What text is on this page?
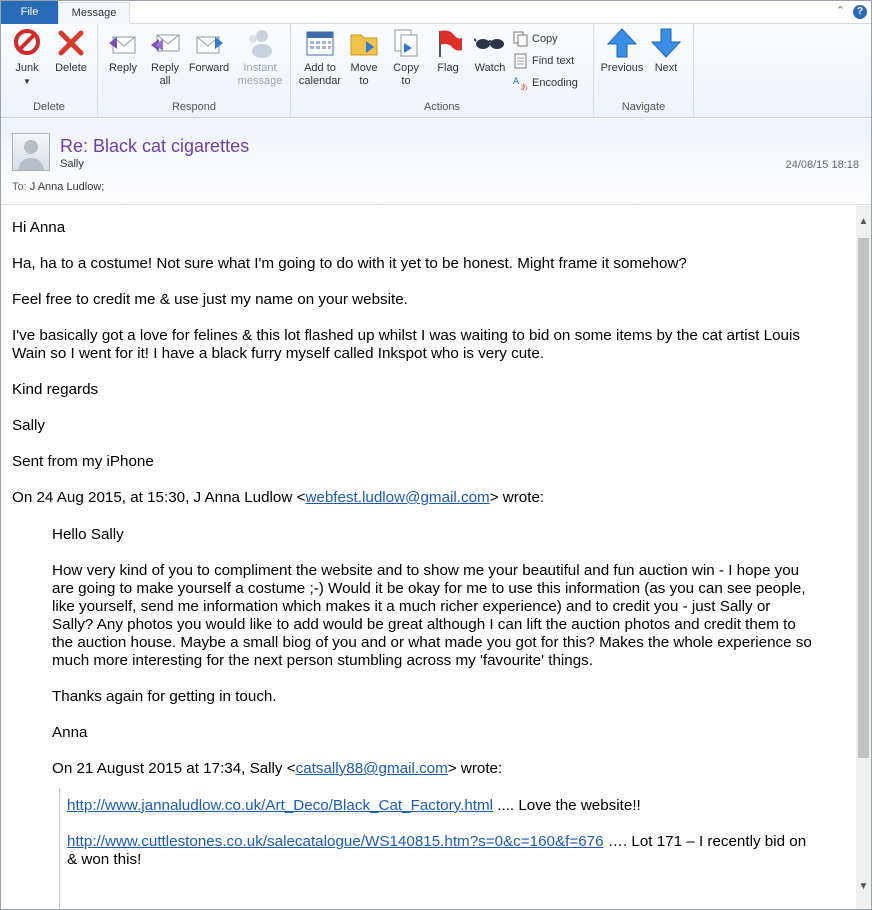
File	Message	⌃	?
Junk
▼
Delete
Delete
Reply	Reply
all
Forward	Instant
message
Respond
Add to
calendar
Move
to
Copy
to
Flag	Watch
Copy
Find text
A
あ Encoding
Actions
Previous	Next
Navigate
Re: Black cat cigarettes
Sally	24/08/15 18:18
To: J Anna Ludlow;

Hi Anna

Ha, ha to a costume! Not sure what I'm going to do with it yet to be honest. Might frame it somehow?

Feel free to credit me & use just my name on your website.

I've basically got a love for felines & this lot flashed up whilst I was waiting to bid on some items by the cat artist Louis Wain so I went for it! I have a black furry myself called Inkspot who is very cute.

Kind regards

Sally

Sent from my iPhone

On 24 Aug 2015, at 15:30, J Anna Ludlow <webfest.ludlow@gmail.com> wrote:

Hello Sally

How very kind of you to compliment the website and to show me your beautiful and fun auction win - I hope you are going to make yourself a costume ;-) Would it be okay for me to use this information (as you can see people, like yourself, send me information which makes it a much richer experience) and to credit you - just Sally or Sally? Any photos you would like to add would be great although I can lift the auction photos and credit them to the auction house. Maybe a small biog of you and or what made you got for this? Makes the whole experience so much more interesting for the next person stumbling across my 'favourite' things.

Thanks again for getting in touch.

Anna

On 21 August 2015 at 17:34, Sally <catsally88@gmail.com> wrote:

http://www.jannaludlow.co.uk/Art_Deco/Black_Cat_Factory.html .... Love the website!!

http://www.cuttlestones.co.uk/salecatalogue/WS140815.htm?s=0&c=160&f=676 …. Lot 171 – I recently bid on & won this!

▲
▼
